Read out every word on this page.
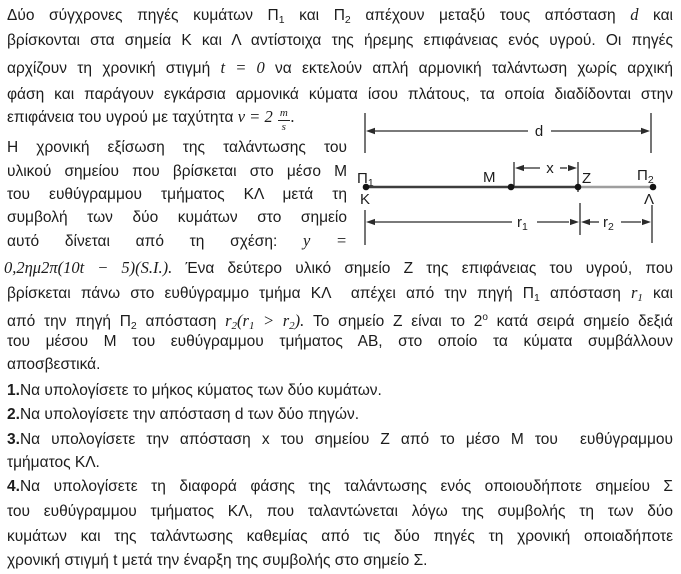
Δύο σύγχρονες πηγές κυμάτων Π1 και Π2 απέχουν μεταξύ τους απόσταση d και
βρίσκονται στα σημεία Κ και Λ αντίστοιχα της ήρεμης επιφάνειας ενός υγρού. Οι πηγές
αρχίζουν τη χρονική στιγμή t = 0 να εκτελούν απλή αρμονική ταλάντωση χωρίς αρχική
φάση και παράγουν εγκάρσια αρμονικά κύματα ίσου πλάτους, τα οποία διαδίδονται στην
επιφάνεια του υγρού με ταχύτητα $v = 2 \frac{m}{s}$ .
Η χρονική εξίσωση της ταλάντωσης του
υλικού σημείου που βρίσκεται στο μέσο Μ
του ευθύγραμμου τμήματος ΚΛ μετά τη
συμβολή των δύο κυμάτων στο σημείο
αυτό δίνεται από τη σχέση: y =
0,2ημ2π(10t − 5)(S.I.). Ένα δεύτερο υλικό σημείο Ζ της επιφάνειας του υγρού, που
βρίσκεται πάνω στο ευθύγραμμο τμήμα ΚΛ  απέχει από την πηγή Π1 απόσταση r1 και
από την πηγή Π2 απόσταση r2(r1 > r2). Το σημείο Ζ είναι το $2^o$ κατά σειρά σημείο δεξιά
του μέσου Μ του ευθύγραμμου τμήματος ΑΒ, στο οποίο τα κύματα συμβάλλουν
αποσβεστικά.
1.Να υπολογίσετε το μήκος κύματος των δύο κυμάτων.
2.Να υπολογίσετε την απόσταση d των δύο πηγών.
3.Να υπολογίσετε την απόσταση x του σημείου Ζ από το μέσο Μ του  ευθύγραμμου
τμήματος ΚΛ.
4.Να υπολογίσετε τη διαφορά φάσης της ταλάντωσης ενός οποιουδήποτε σημείου Σ
του ευθύγραμμου τμήματος ΚΛ, που ταλαντώνεται λόγω της συμβολής τη των δύο
κυμάτων και της ταλάντωσης καθεμίας από τις δύο πηγές τη χρονική οποιαδήποτε
χρονική στιγμή t μετά την έναρξη της συμβολής στο σημείο Σ.
d
x
$\Pi_1$
K
M	Z	$\Pi_2$
Λ
$r_1$	$r_2$
